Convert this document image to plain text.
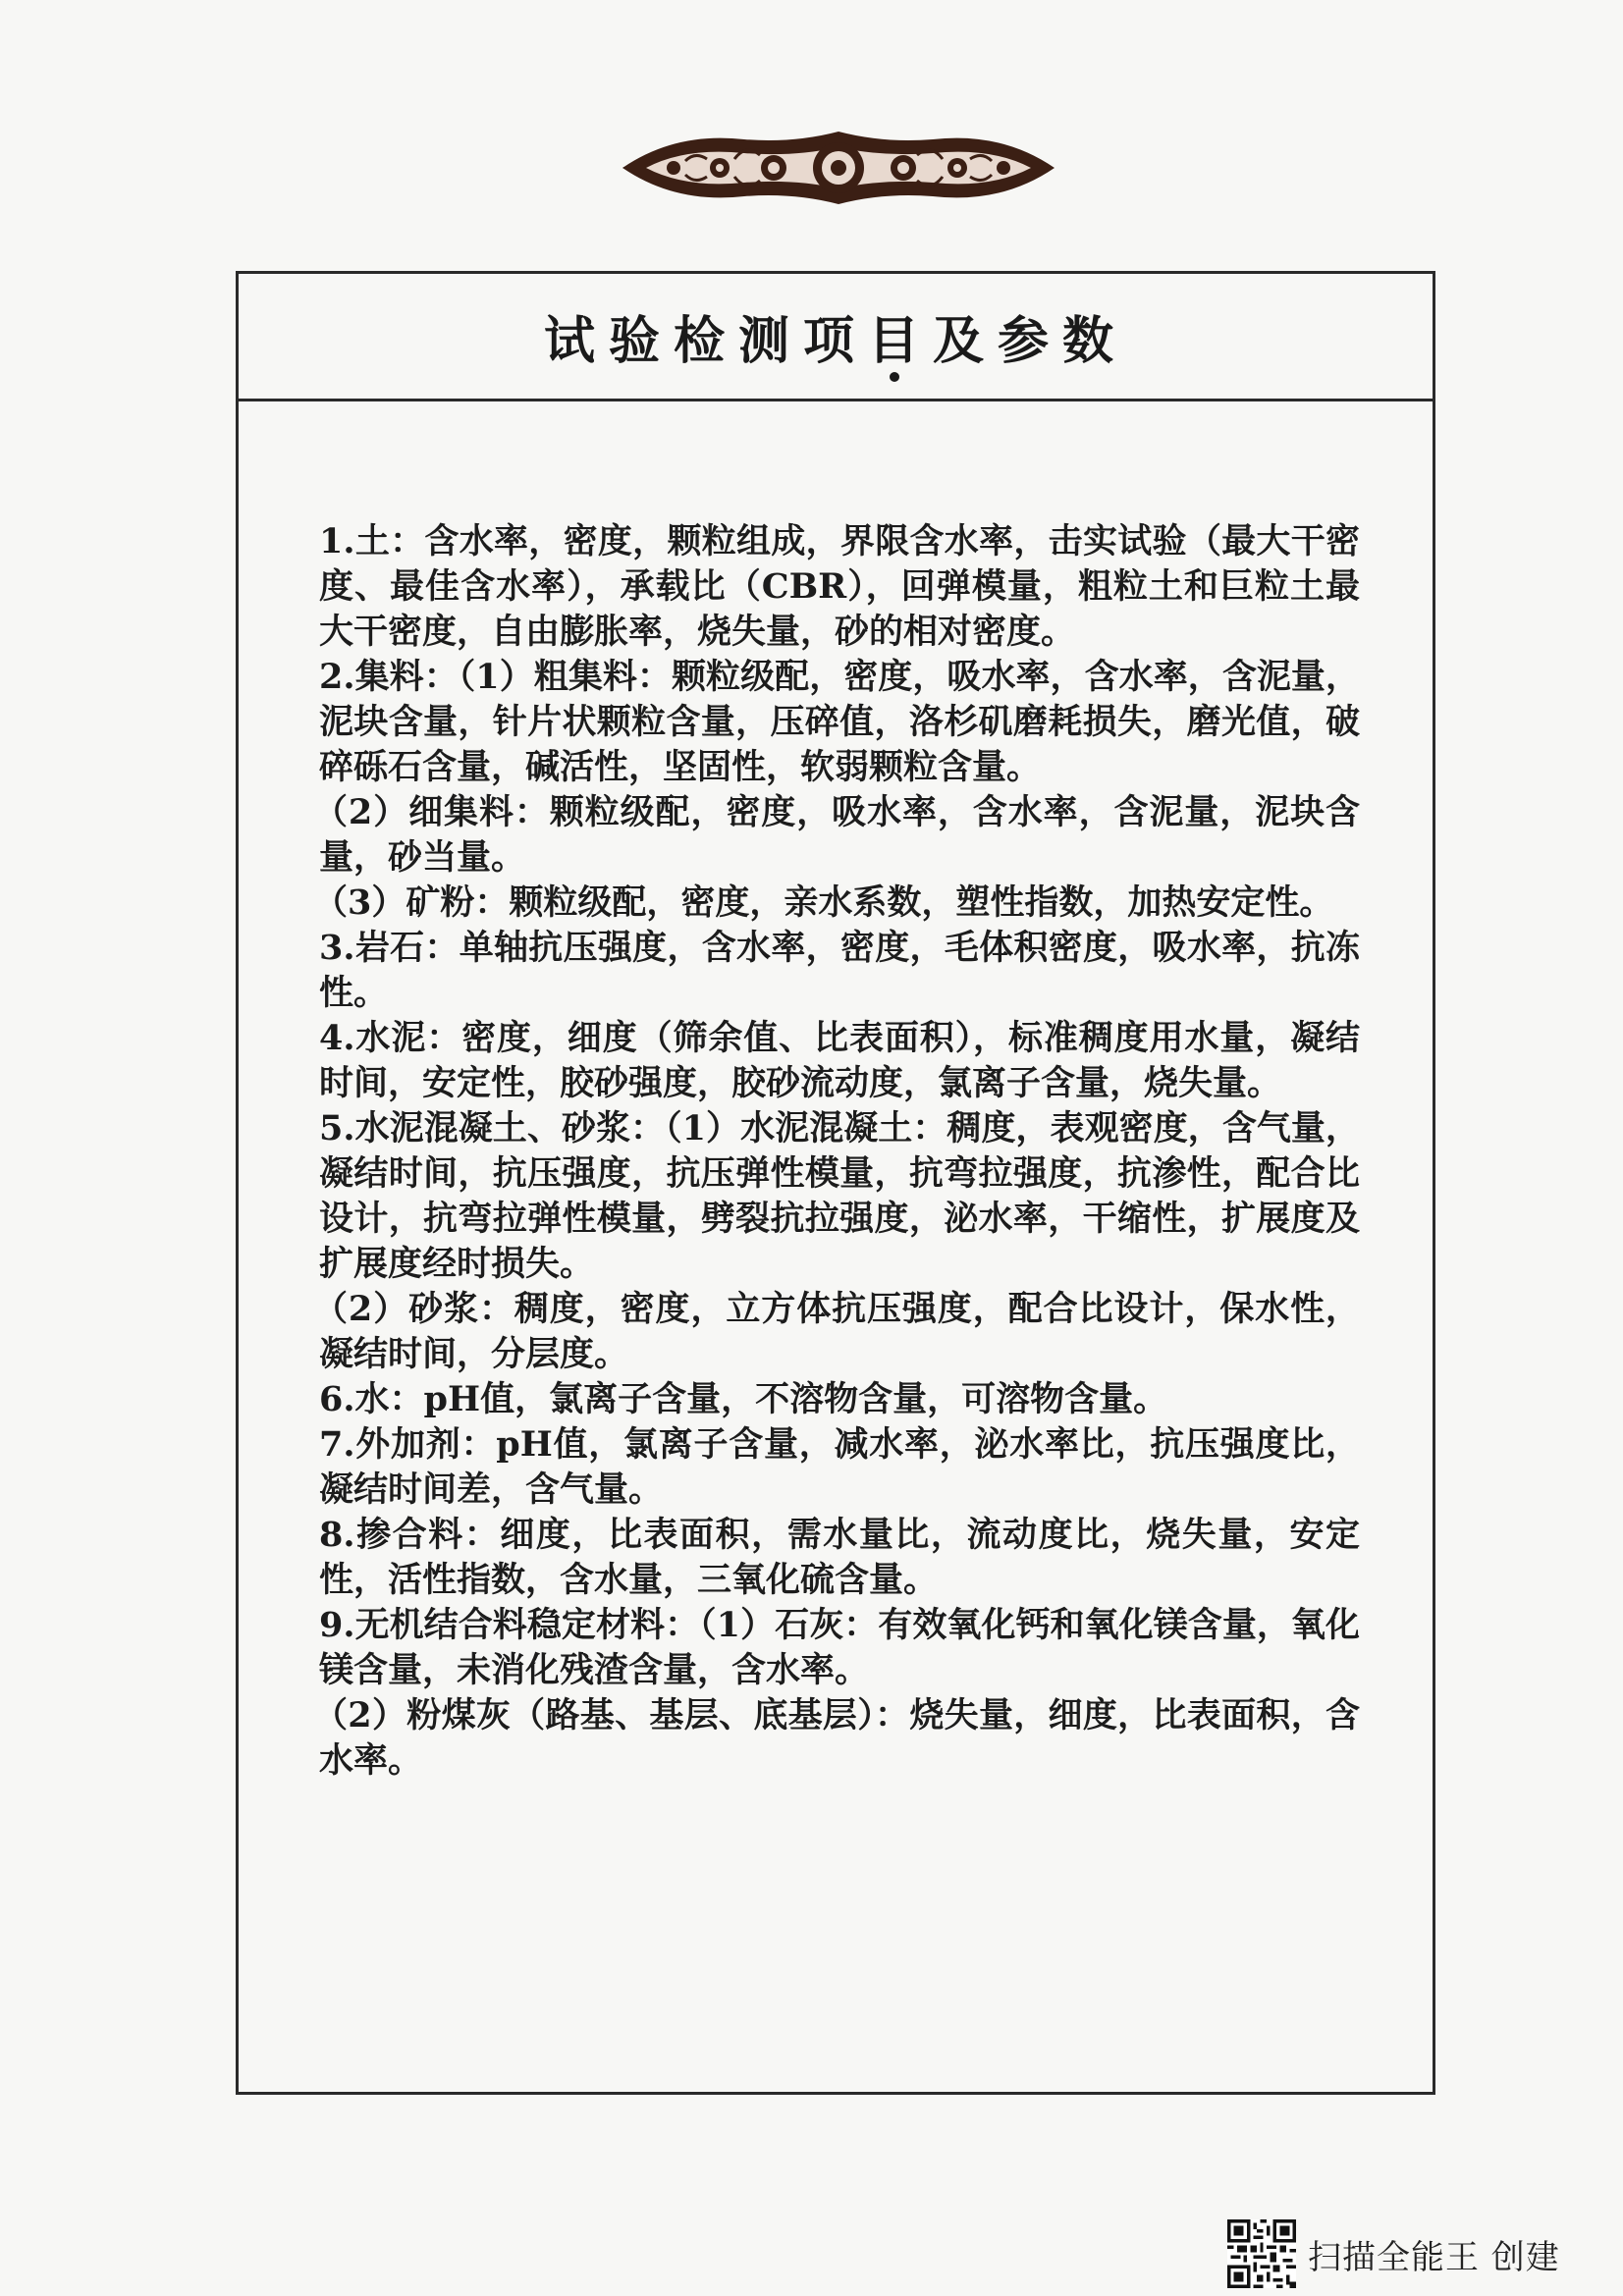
试验检测项目及参数

1.土：含水率，密度，颗粒组成，界限含水率，击实试验（最大干密度、最佳含水率），承载比（CBR），回弹模量，粗粒土和巨粒土最大干密度，自由膨胀率，烧失量，砂的相对密度。

2.集料：（1）粗集料：颗粒级配，密度，吸水率，含水率，含泥量，泥块含量，针片状颗粒含量，压碎值，洛杉矶磨耗损失，磨光值，破碎砾石含量，碱活性，坚固性，软弱颗粒含量。

（2）细集料：颗粒级配，密度，吸水率，含水率，含泥量，泥块含量，砂当量。

（3）矿粉：颗粒级配，密度，亲水系数，塑性指数，加热安定性。

3.岩石：单轴抗压强度，含水率，密度，毛体积密度，吸水率，抗冻性。

4.水泥：密度，细度（筛余值、比表面积），标准稠度用水量，凝结时间，安定性，胶砂强度，胶砂流动度，氯离子含量，烧失量。

5.水泥混凝土、砂浆：（1）水泥混凝土：稠度，表观密度，含气量，凝结时间，抗压强度，抗压弹性模量，抗弯拉强度，抗渗性，配合比设计，抗弯拉弹性模量，劈裂抗拉强度，泌水率，干缩性，扩展度及扩展度经时损失。

（2）砂浆：稠度，密度，立方体抗压强度，配合比设计，保水性，凝结时间，分层度。

6.水：pH值，氯离子含量，不溶物含量，可溶物含量。

7.外加剂：pH值，氯离子含量，减水率，泌水率比，抗压强度比，凝结时间差，含气量。

8.掺合料：细度，比表面积，需水量比，流动度比，烧失量，安定性，活性指数，含水量，三氧化硫含量。

9.无机结合料稳定材料：（1）石灰：有效氧化钙和氧化镁含量，氧化镁含量，未消化残渣含量，含水率。

（2）粉煤灰（路基、基层、底基层）：烧失量，细度，比表面积，含水率。

扫描全能王 创建
